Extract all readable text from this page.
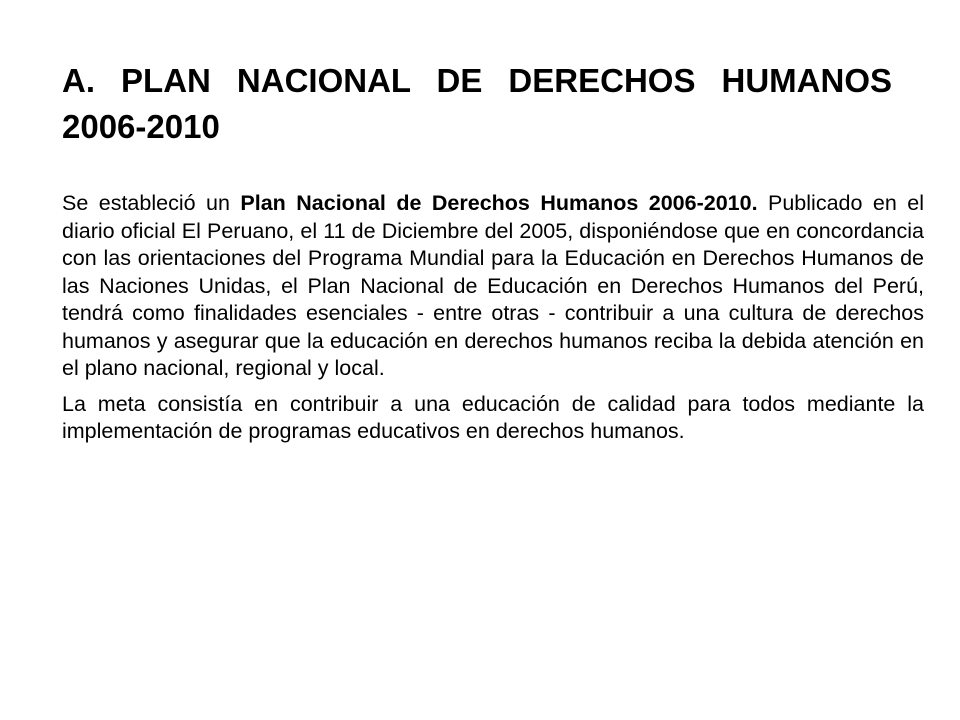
A. PLAN NACIONAL DE DERECHOS HUMANOS
2006-2010

Se estableció un Plan Nacional de Derechos Humanos 2006-2010. Publicado en el diario oficial El Peruano, el 11 de Diciembre del 2005, disponiéndose que en concordancia con las orientaciones del Programa Mundial para la Educación en Derechos Humanos de las Naciones Unidas, el Plan Nacional de Educación en Derechos Humanos del Perú, tendrá como finalidades esenciales - entre otras - contribuir a una cultura de derechos humanos y asegurar que la educación en derechos humanos reciba la debida atención en el plano nacional, regional y local.

La meta consistía en contribuir a una educación de calidad para todos mediante la implementación de programas educativos en derechos humanos.
